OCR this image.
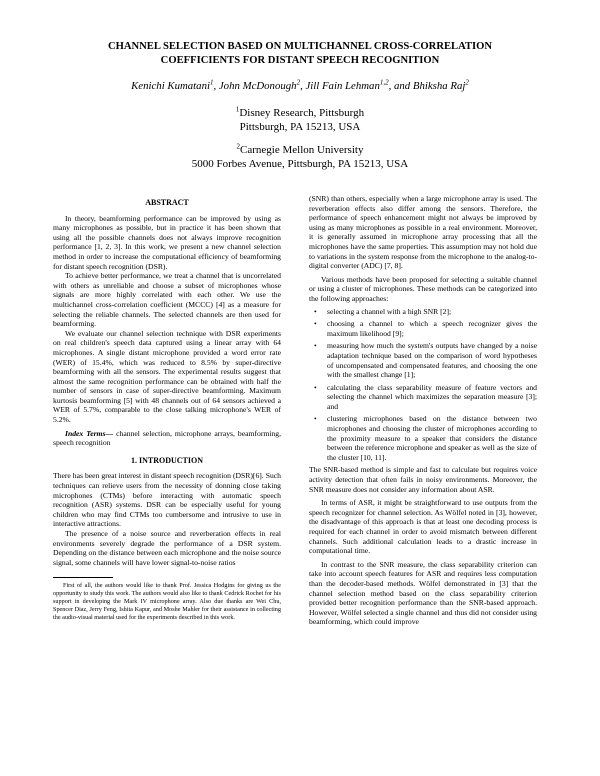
CHANNEL SELECTION BASED ON MULTICHANNEL CROSS-CORRELATION
COEFFICIENTS FOR DISTANT SPEECH RECOGNITION
Kenichi Kumatani$^1$, John McDonough$^2$, Jill Fain Lehman$^{1,2}$, and Bhiksha Raj$^2$
$^1$Disney Research, Pittsburgh
Pittsburgh, PA 15213, USA
$^2$Carnegie Mellon University
5000 Forbes Avenue, Pittsburgh, PA 15213, USA
ABSTRACT

In theory, beamforming performance can be improved by using as many microphones as possible, but in practice it has been shown that using all the possible channels does not always improve recognition performance [1, 2, 3]. In this work, we present a new channel selection method in order to increase the computational efficiency of beamforming for distant speech recognition (DSR).

To achieve better performance, we treat a channel that is uncorrelated with others as unreliable and choose a subset of microphones whose signals are more highly correlated with each other. We use the multichannel cross-correlation coefficient (MCCC) [4] as a measure for selecting the reliable channels. The selected channels are then used for beamforming.

We evaluate our channel selection technique with DSR experiments on real children's speech data captured using a linear array with 64 microphones. A single distant microphone provided a word error rate (WER) of 15.4%, which was reduced to 8.5% by super-directive beamforming with all the sensors. The experimental results suggest that almost the same recognition performance can be obtained with half the number of sensors in case of super-directive beamforming. Maximum kurtosis beamforming [5] with 48 channels out of 64 sensors achieved a WER of 5.7%, comparable to the close talking microphone's WER of 5.2%.

Index Terms— channel selection, microphone arrays, beamforming, speech recognition

1. INTRODUCTION

There has been great interest in distant speech recognition (DSR)[6]. Such techniques can relieve users from the necessity of donning close taking microphones (CTMs) before interacting with automatic speech recognition (ASR) systems. DSR can be especially useful for young children who may find CTMs too cumbersome and intrusive to use in interactive attractions.

The presence of a noise source and reverberation effects in real environments severely degrade the performance of a DSR system. Depending on the distance between each microphone and the noise source signal, some channels will have lower signal-to-noise ratios

First of all, the authors would like to thank Prof. Jessica Hodgins for giving us the opportunity to study this work. The authors would also like to thank Cedrick Rochet for his support in developing the Mark IV microphone array. Also due thanks are Wei Chu, Spencer Diaz, Jerry Feng, Ishita Kapur, and Moshe Mahler for their assistance in collecting the audio-visual material used for the experiments described in this work.

(SNR) than others, especially when a large microphone array is used. The reverberation effects also differ among the sensors. Therefore, the performance of speech enhancement might not always be improved by using as many microphones as possible in a real environment. Moreover, it is generally assumed in microphone array processing that all the microphones have the same properties. This assumption may not hold due to variations in the system response from the microphone to the analog-to-digital converter (ADC) [7, 8].

Various methods have been proposed for selecting a suitable channel or using a cluster of microphones. These methods can be categorized into the following approaches:

• selecting a channel with a high SNR [2];
• choosing a channel to which a speech recognizer gives the maximum likelihood [9];
• measuring how much the system's outputs have changed by a noise adaptation technique based on the comparison of word hypotheses of uncompensated and compensated features, and choosing the one with the smallest change [1];
• calculating the class separability measure of feature vectors and selecting the channel which maximizes the separation measure [3]; and
• clustering microphones based on the distance between two microphones and choosing the cluster of microphones according to the proximity measure to a speaker that considers the distance between the reference microphone and speaker as well as the size of the cluster [10, 11].

The SNR-based method is simple and fast to calculate but requires voice activity detection that often fails in noisy environments. Moreover, the SNR measure does not consider any information about ASR.

In terms of ASR, it might be straightforward to use outputs from the speech recognizer for channel selection. As Wölfel noted in [3], however, the disadvantage of this approach is that at least one decoding process is required for each channel in order to avoid mismatch between different channels. Such additional calculation leads to a drastic increase in computational time.

In contrast to the SNR measure, the class separability criterion can take into account speech features for ASR and requires less computation than the decoder-based methods. Wölfel demonstrated in [3] that the channel selection method based on the class separability criterion provided better recognition performance than the SNR-based approach. However, Wölfel selected a single channel and thus did not consider using beamforming, which could improve
